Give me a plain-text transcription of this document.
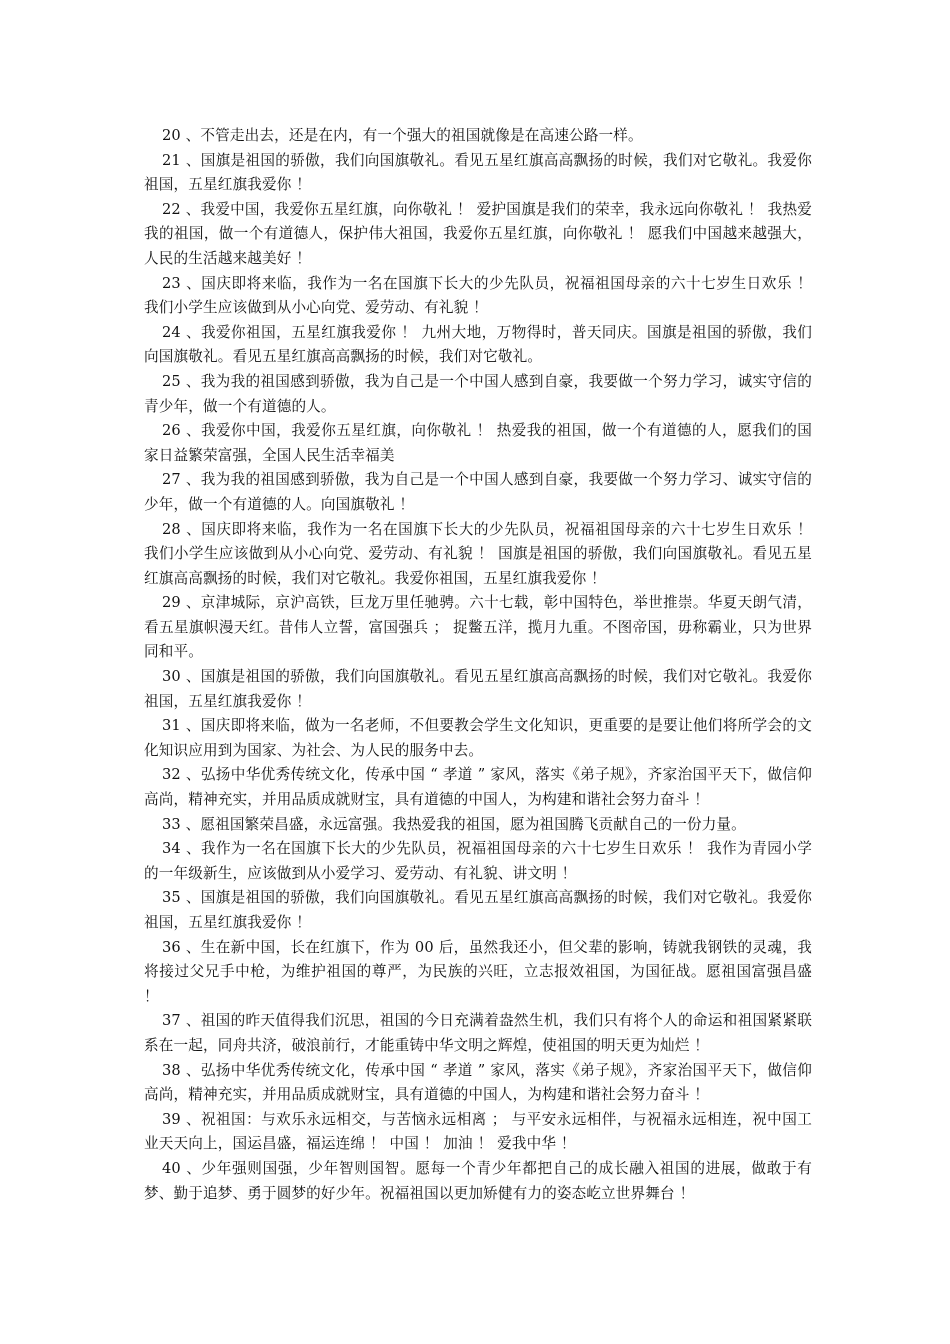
20 、不管走出去，还是在内，有一个强大的祖国就像是在高速公路一样。

21 、国旗是祖国的骄傲，我们向国旗敬礼。看见五星红旗高高飘扬的时候，我们对它敬礼。我爱你祖国，五星红旗我爱你 ！

22 、我爱中国，我爱你五星红旗，向你敬礼 ！ 爱护国旗是我们的荣幸，我永远向你敬礼 ！ 我热爱我的祖国，做一个有道德人，保护伟大祖国，我爱你五星红旗，向你敬礼 ！ 愿我们中国越来越强大，人民的生活越来越美好 ！

23 、国庆即将来临，我作为一名在国旗下长大的少先队员，祝福祖国母亲的六十七岁生日欢乐 ！ 我们小学生应该做到从小心向党、爱劳动、有礼貌 ！

24 、我爱你祖国，五星红旗我爱你 ！ 九州大地，万物得时，普天同庆。国旗是祖国的骄傲，我们向国旗敬礼。看见五星红旗高高飘扬的时候，我们对它敬礼。

25 、我为我的祖国感到骄傲，我为自己是一个中国人感到自豪，我要做一个努力学习，诚实守信的青少年，做一个有道德的人。

26 、我爱你中国，我爱你五星红旗，向你敬礼 ！ 热爱我的祖国，做一个有道德的人，愿我们的国家日益繁荣富强，全国人民生活幸福美

27 、我为我的祖国感到骄傲，我为自己是一个中国人感到自豪，我要做一个努力学习、诚实守信的少年，做一个有道德的人。向国旗敬礼 ！

28 、国庆即将来临，我作为一名在国旗下长大的少先队员，祝福祖国母亲的六十七岁生日欢乐 ！ 我们小学生应该做到从小心向党、爱劳动、有礼貌 ！ 国旗是祖国的骄傲，我们向国旗敬礼。看见五星红旗高高飘扬的时候，我们对它敬礼。我爱你祖国，五星红旗我爱你 ！

29 、京津城际，京沪高铁，巨龙万里任驰骋。六十七载，彰中国特色，举世推崇。华夏天朗气清，看五星旗帜漫天红。昔伟人立誓，富国强兵 ； 捉鳖五洋，揽月九重。不图帝国，毋称霸业，只为世界同和平。

30 、国旗是祖国的骄傲，我们向国旗敬礼。看见五星红旗高高飘扬的时候，我们对它敬礼。我爱你祖国，五星红旗我爱你 ！

31 、国庆即将来临，做为一名老师，不但要教会学生文化知识，更重要的是要让他们将所学会的文化知识应用到为国家、为社会、为人民的服务中去。

32 、弘扬中华优秀传统文化，传承中国 “ 孝道 ” 家风，落实《弟子规》，齐家治国平天下，做信仰高尚，精神充实，并用品质成就财宝，具有道德的中国人，为构建和谐社会努力奋斗 ！

33 、愿祖国繁荣昌盛，永远富强。我热爱我的祖国，愿为祖国腾飞贡献自己的一份力量。

34 、我作为一名在国旗下长大的少先队员，祝福祖国母亲的六十七岁生日欢乐 ！ 我作为青园小学的一年级新生，应该做到从小爱学习、爱劳动、有礼貌、讲文明 ！

35 、国旗是祖国的骄傲，我们向国旗敬礼。看见五星红旗高高飘扬的时候，我们对它敬礼。我爱你祖国，五星红旗我爱你 ！

36 、生在新中国，长在红旗下，作为 00 后，虽然我还小，但父辈的影响，铸就我钢铁的灵魂，我将接过父兄手中枪，为维护祖国的尊严，为民族的兴旺，立志报效祖国，为国征战。愿祖国富强昌盛 ！

37 、祖国的昨天值得我们沉思，祖国的今日充满着盎然生机，我们只有将个人的命运和祖国紧紧联系在一起，同舟共济，破浪前行，才能重铸中华文明之辉煌，使祖国的明天更为灿烂 ！

38 、弘扬中华优秀传统文化，传承中国 “ 孝道 ” 家风，落实《弟子规》，齐家治国平天下，做信仰高尚，精神充实，并用品质成就财宝，具有道德的中国人，为构建和谐社会努力奋斗 ！

39 、祝祖国：与欢乐永远相交，与苦恼永远相离 ； 与平安永远相伴，与祝福永远相连，祝中国工业天天向上，国运昌盛，福运连绵 ！ 中国 ！ 加油 ！ 爱我中华 ！

40 、少年强则国强，少年智则国智。愿每一个青少年都把自己的成长融入祖国的进展，做敢于有梦、勤于追梦、勇于圆梦的好少年。祝福祖国以更加矫健有力的姿态屹立世界舞台 ！
